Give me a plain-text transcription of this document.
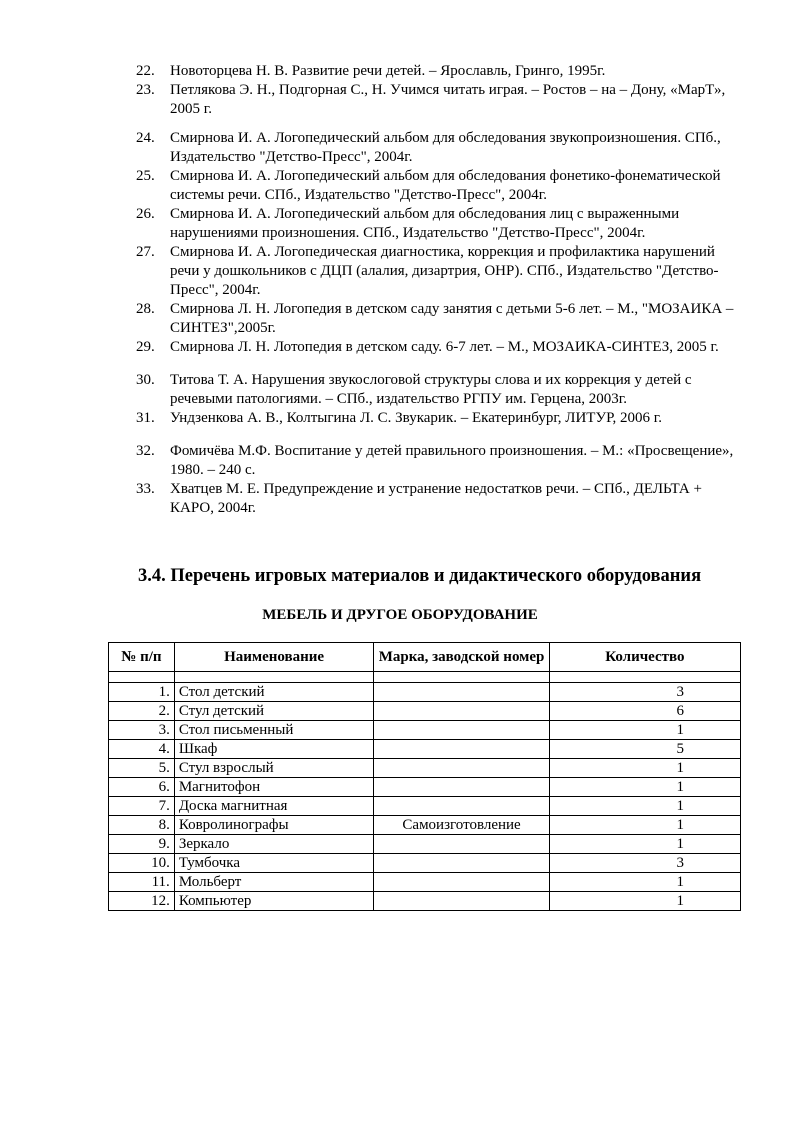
22. Новоторцева Н. В. Развитие речи детей. – Ярославль, Гринго, 1995г.
23. Петлякова Э. Н., Подгорная С., Н. Учимся читать играя. – Ростов – на – Дону, «МарТ», 2005 г.
24. Смирнова И. А. Логопедический альбом для обследования звукопроизношения. СПб., Издательство "Детство-Пресс", 2004г.
25. Смирнова И. А. Логопедический альбом для обследования фонетико-фонематической системы речи. СПб., Издательство "Детство-Пресс", 2004г.
26. Смирнова И. А. Логопедический альбом для обследования лиц с выраженными нарушениями произношения. СПб., Издательство "Детство-Пресс", 2004г.
27. Смирнова И. А. Логопедическая диагностика, коррекция и профилактика нарушений речи у дошкольников с ДЦП (алалия, дизартрия, ОНР). СПб., Издательство "Детство-Пресс", 2004г.
28. Смирнова Л. Н. Логопедия в детском саду занятия с детьми 5-6 лет. – М., "МОЗАИКА – СИНТЕЗ",2005г.
29. Смирнова Л. Н. Лотопедия в детском саду. 6-7 лет. – М., МОЗАИКА-СИНТЕЗ, 2005 г.
30. Титова Т. А. Нарушения звукослоговой структуры слова и их коррекция у детей с речевыми патологиями. – СПб., издательство РГПУ им. Герцена, 2003г.
31. Ундзенкова А. В., Колтыгина Л. С. Звукарик. – Екатеринбург, ЛИТУР, 2006 г.
32. Фомичёва М.Ф. Воспитание у детей правильного произношения. – М.: «Просвещение», 1980. – 240 с.
33. Хватцев М. Е. Предупреждение и устранение недостатков речи. – СПб., ДЕЛЬТА + КАРО, 2004г.
3.4. Перечень игровых материалов и дидактического оборудования
МЕБЕЛЬ И ДРУГОЕ ОБОРУДОВАНИЕ
№ п/п	Наименование	Марка, заводской номер	Количество

1.	Стол детский		3
2.	Стул детский		6
3.	Стол письменный		1
4.	Шкаф		5
5.	Стул взрослый		1
6.	Магнитофон		1
7.	Доска магнитная		1
8.	Ковролинографы	Самоизготовление	1
9.	Зеркало		1
10.	Тумбочка		3
11.	Мольберт		1
12.	Компьютер		1
